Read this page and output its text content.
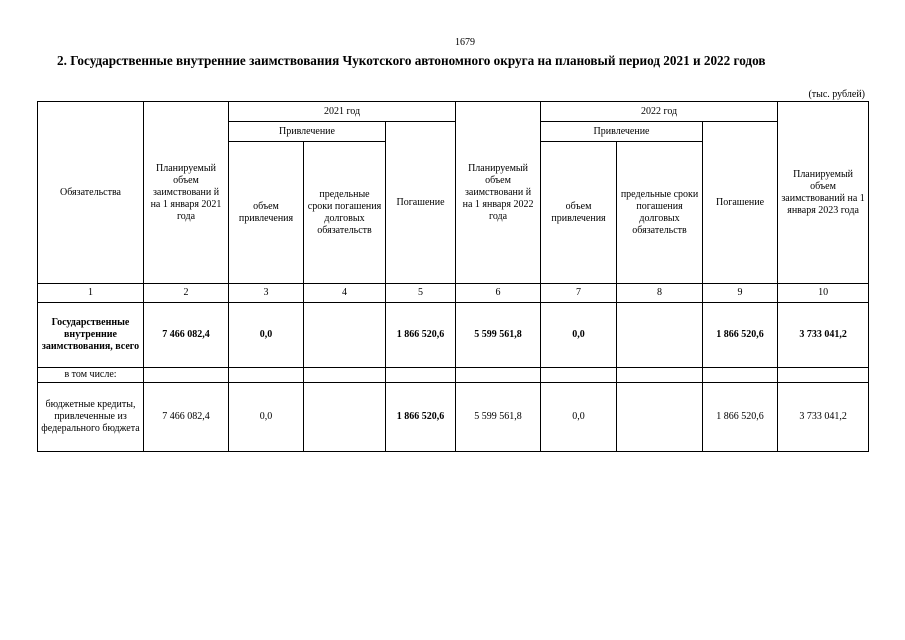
1679
2. Государственные внутренние заимствования Чукотского автономного округа на плановый период 2021 и 2022 годов
(тыс. рублей)
Обязательства	Планируемый объем заимствовани й на 1 января 2021 года	2021 год			Планируемый объем заимствовани й на 1 января 2022 года	2022 год			Планируемый объем заимствований на 1 января 2023 года
		Привлечение		Погашение		Привлечение		Погашение	
		объем привлечения	предельные сроки погашения долговых обязательств			объем привлечения	предельные сроки погашения долговых обязательств		
1	2	3	4	5	6	7	8	9	10
Государственные внутренние заимствования, всего	7 466 082,4	0,0		1 866 520,6	5 599 561,8	0,0		1 866 520,6	3 733 041,2
в том числе:									
бюджетные кредиты, привлеченные из федерального бюджета	7 466 082,4	0,0		1 866 520,6	5 599 561,8	0,0		1 866 520,6	3 733 041,2
